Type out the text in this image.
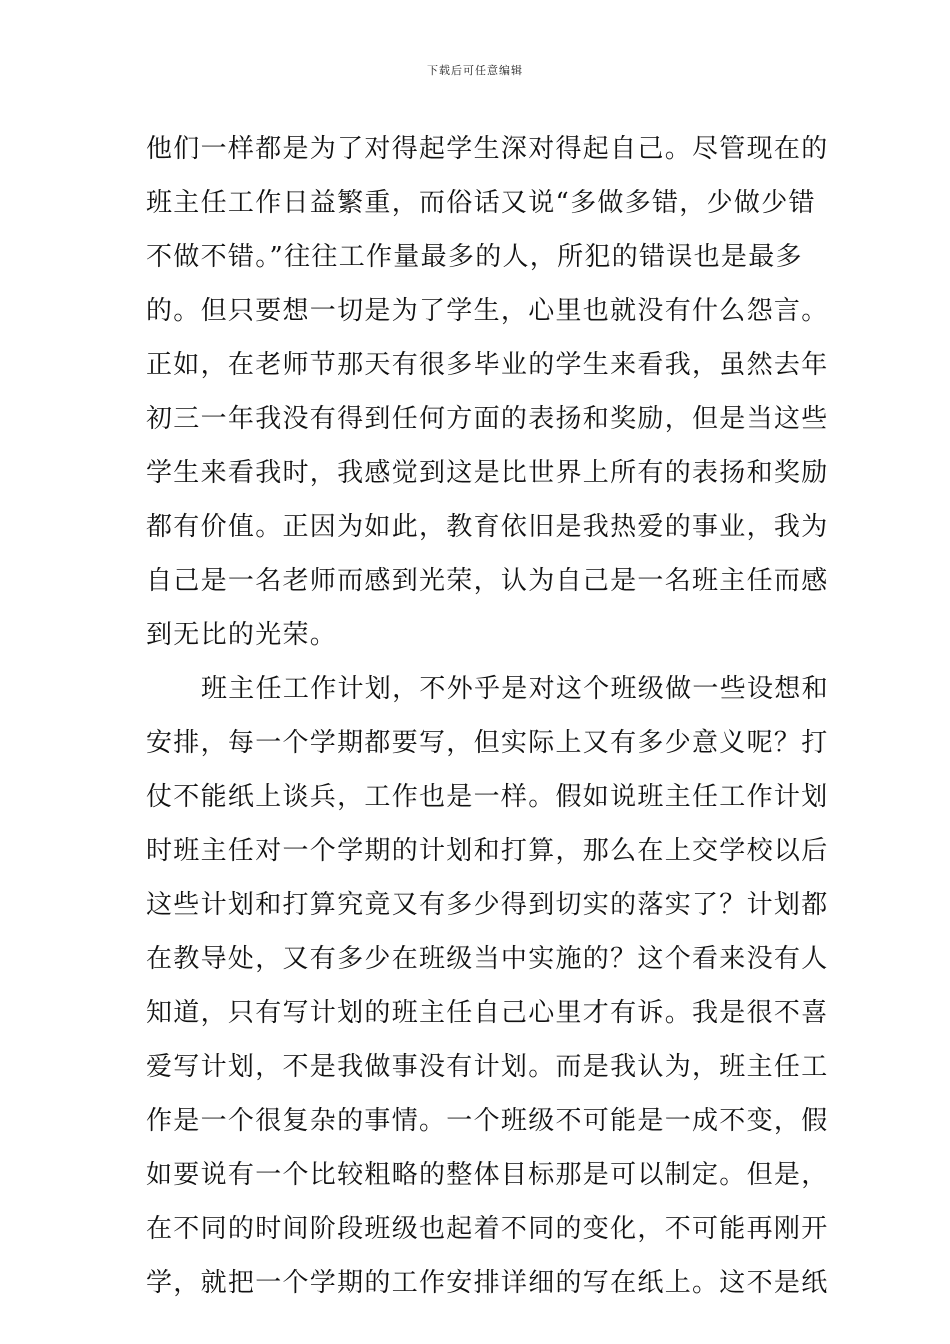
下载后可任意编辑
他们一样都是为了对得起学生深对得起自己。尽管现在的
班主任工作日益繁重，而俗话又说“多做多错，少做少错
不做不错。”往往工作量最多的人，所犯的错误也是最多
的。但只要想一切是为了学生，心里也就没有什么怨言。
正如，在老师节那天有很多毕业的学生来看我，虽然去年
初三一年我没有得到任何方面的表扬和奖励，但是当这些
学生来看我时，我感觉到这是比世界上所有的表扬和奖励
都有价值。正因为如此，教育依旧是我热爱的事业，我为
自己是一名老师而感到光荣，认为自己是一名班主任而感
到无比的光荣。
班主任工作计划，不外乎是对这个班级做一些设想和
安排，每一个学期都要写，但实际上又有多少意义呢？打
仗不能纸上谈兵，工作也是一样。假如说班主任工作计划
时班主任对一个学期的计划和打算，那么在上交学校以后
这些计划和打算究竟又有多少得到切实的落实了？计划都
在教导处，又有多少在班级当中实施的？这个看来没有人
知道，只有写计划的班主任自己心里才有诉。我是很不喜
爱写计划，不是我做事没有计划。而是我认为，班主任工
作是一个很复杂的事情。一个班级不可能是一成不变，假
如要说有一个比较粗略的整体目标那是可以制定。但是，
在不同的时间阶段班级也起着不同的变化，不可能再刚开
学，就把一个学期的工作安排详细的写在纸上。这不是纸
